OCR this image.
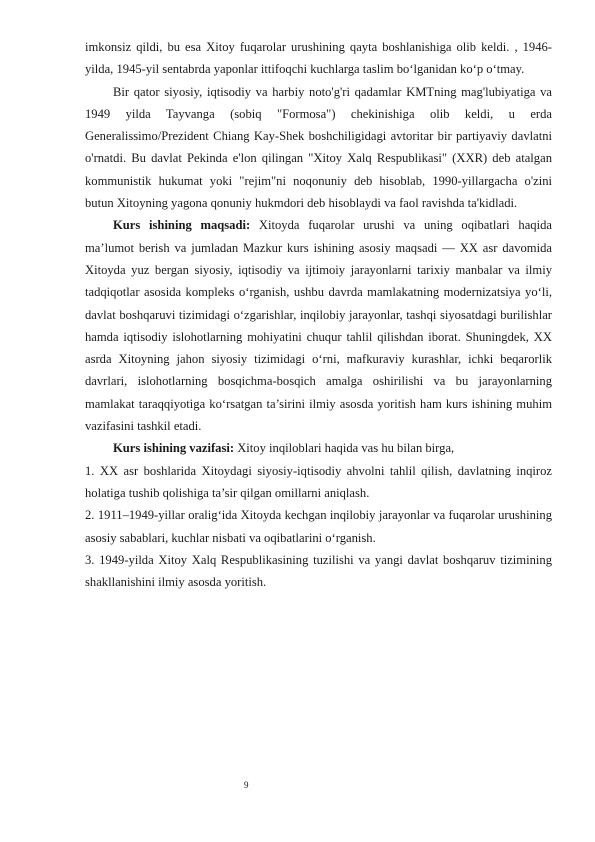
imkonsiz qildi, bu esa Xitoy fuqarolar urushining qayta boshlanishiga olib keldi. , 1946-yilda, 1945-yil sentabrda yaponlar ittifoqchi kuchlarga taslim bo‘lganidan ko‘p o‘tmay.

Bir qator siyosiy, iqtisodiy va harbiy noto'g'ri qadamlar KMTning mag'lubiyatiga va 1949 yilda Tayvanga (sobiq "Formosa") chekinishiga olib keldi, u erda Generalissimo/Prezident Chiang Kay-Shek boshchiligidagi avtoritar bir partiyaviy davlatni o'rnatdi. Bu davlat Pekinda e'lon qilingan "Xitoy Xalq Respublikasi" (XXR) deb atalgan kommunistik hukumat yoki "rejim"ni noqonuniy deb hisoblab, 1990-yillargacha o'zini butun Xitoyning yagona qonuniy hukmdori deb hisoblaydi va faol ravishda ta'kidladi.

Kurs ishining maqsadi: Xitoyda fuqarolar urushi va uning oqibatlari haqida ma’lumot berish va jumladan Mazkur kurs ishining asosiy maqsadi — XX asr davomida Xitoyda yuz bergan siyosiy, iqtisodiy va ijtimoiy jarayonlarni tarixiy manbalar va ilmiy tadqiqotlar asosida kompleks o‘rganish, ushbu davrda mamlakatning modernizatsiya yo‘li, davlat boshqaruvi tizimidagi o‘zgarishlar, inqilobiy jarayonlar, tashqi siyosatdagi burilishlar hamda iqtisodiy islohotlarning mohiyatini chuqur tahlil qilishdan iborat. Shuningdek, XX asrda Xitoyning jahon siyosiy tizimidagi o‘rni, mafkuraviy kurashlar, ichki beqarorlik davrlari, islohotlarning bosqichma-bosqich amalga oshirilishi va bu jarayonlarning mamlakat taraqqiyotiga ko‘rsatgan ta’sirini ilmiy asosda yoritish ham kurs ishining muhim vazifasini tashkil etadi.

Kurs ishining vazifasi: Xitoy inqiloblari haqida vas hu bilan birga,

1. XX asr boshlarida Xitoydagi siyosiy-iqtisodiy ahvolni tahlil qilish, davlatning inqiroz holatiga tushib qolishiga ta’sir qilgan omillarni aniqlash.

2. 1911–1949-yillar oralig‘ida Xitoyda kechgan inqilobiy jarayonlar va fuqarolar urushining asosiy sabablari, kuchlar nisbati va oqibatlarini o‘rganish.

3. 1949-yilda Xitoy Xalq Respublikasining tuzilishi va yangi davlat boshqaruv tizimining shakllanishini ilmiy asosda yoritish.

9
